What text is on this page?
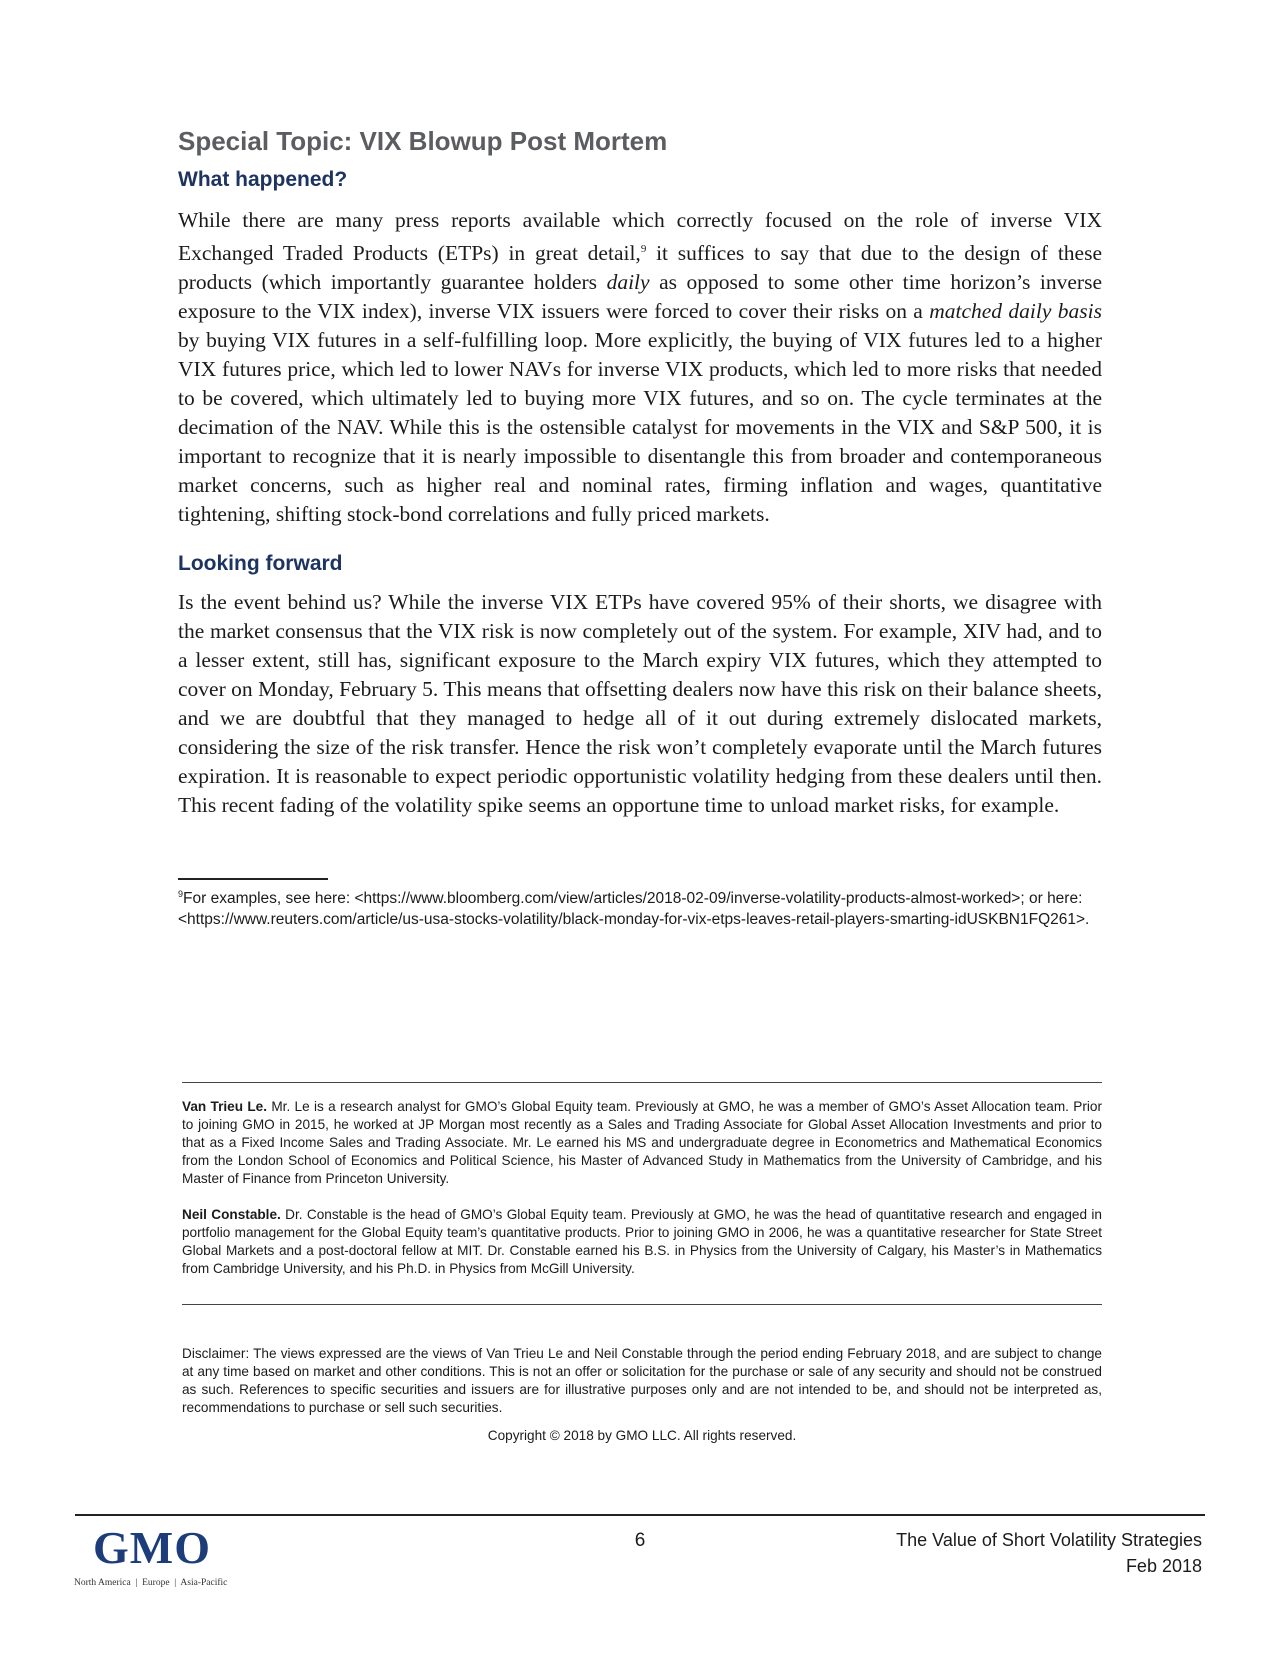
Special Topic: VIX Blowup Post Mortem
What happened?

While there are many press reports available which correctly focused on the role of inverse VIX Exchanged Traded Products (ETPs) in great detail,$^9$ it suffices to say that due to the design of these products (which importantly guarantee holders daily as opposed to some other time horizon’s inverse exposure to the VIX index), inverse VIX issuers were forced to cover their risks on a matched daily basis by buying VIX futures in a self-fulfilling loop. More explicitly, the buying of VIX futures led to a higher VIX futures price, which led to lower NAVs for inverse VIX products, which led to more risks that needed to be covered, which ultimately led to buying more VIX futures, and so on. The cycle terminates at the decimation of the NAV. While this is the ostensible catalyst for movements in the VIX and S&P 500, it is important to recognize that it is nearly impossible to disentangle this from broader and contemporaneous market concerns, such as higher real and nominal rates, firming inflation and wages, quantitative tightening, shifting stock-bond correlations and fully priced markets.

Looking forward

Is the event behind us? While the inverse VIX ETPs have covered 95% of their shorts, we disagree with the market consensus that the VIX risk is now completely out of the system. For example, XIV had, and to a lesser extent, still has, significant exposure to the March expiry VIX futures, which they attempted to cover on Monday, February 5. This means that offsetting dealers now have this risk on their balance sheets, and we are doubtful that they managed to hedge all of it out during extremely dislocated markets, considering the size of the risk transfer. Hence the risk won’t completely evaporate until the March futures expiration. It is reasonable to expect periodic opportunistic volatility hedging from these dealers until then. This recent fading of the volatility spike seems an opportune time to unload market risks, for example.

$^9$For examples, see here: <https://www.bloomberg.com/view/articles/2018-02-09/inverse-volatility-products-almost-worked>; or here: <https://www.reuters.com/article/us-usa-stocks-volatility/black-monday-for-vix-etps-leaves-retail-players-smarting-idUSKBN1FQ261>.

Van Trieu Le. Mr. Le is a research analyst for GMO’s Global Equity team. Previously at GMO, he was a member of GMO’s Asset Allocation team. Prior to joining GMO in 2015, he worked at JP Morgan most recently as a Sales and Trading Associate for Global Asset Allocation Investments and prior to that as a Fixed Income Sales and Trading Associate. Mr. Le earned his MS and undergraduate degree in Econometrics and Mathematical Economics from the London School of Economics and Political Science, his Master of Advanced Study in Mathematics from the University of Cambridge, and his Master of Finance from Princeton University.

Neil Constable. Dr. Constable is the head of GMO’s Global Equity team. Previously at GMO, he was the head of quantitative research and engaged in portfolio management for the Global Equity team’s quantitative products. Prior to joining GMO in 2006, he was a quantitative researcher for State Street Global Markets and a post-doctoral fellow at MIT. Dr. Constable earned his B.S. in Physics from the University of Calgary, his Master’s in Mathematics from Cambridge University, and his Ph.D. in Physics from McGill University.

Disclaimer: The views expressed are the views of Van Trieu Le and Neil Constable through the period ending February 2018, and are subject to change at any time based on market and other conditions. This is not an offer or solicitation for the purchase or sale of any security and should not be construed as such. References to specific securities and issuers are for illustrative purposes only and are not intended to be, and should not be interpreted as, recommendations to purchase or sell such securities.

Copyright © 2018 by GMO LLC. All rights reserved.

GMO
North America  |  Europe  |  Asia-Pacific
6	The Value of Short Volatility Strategies
Feb 2018
